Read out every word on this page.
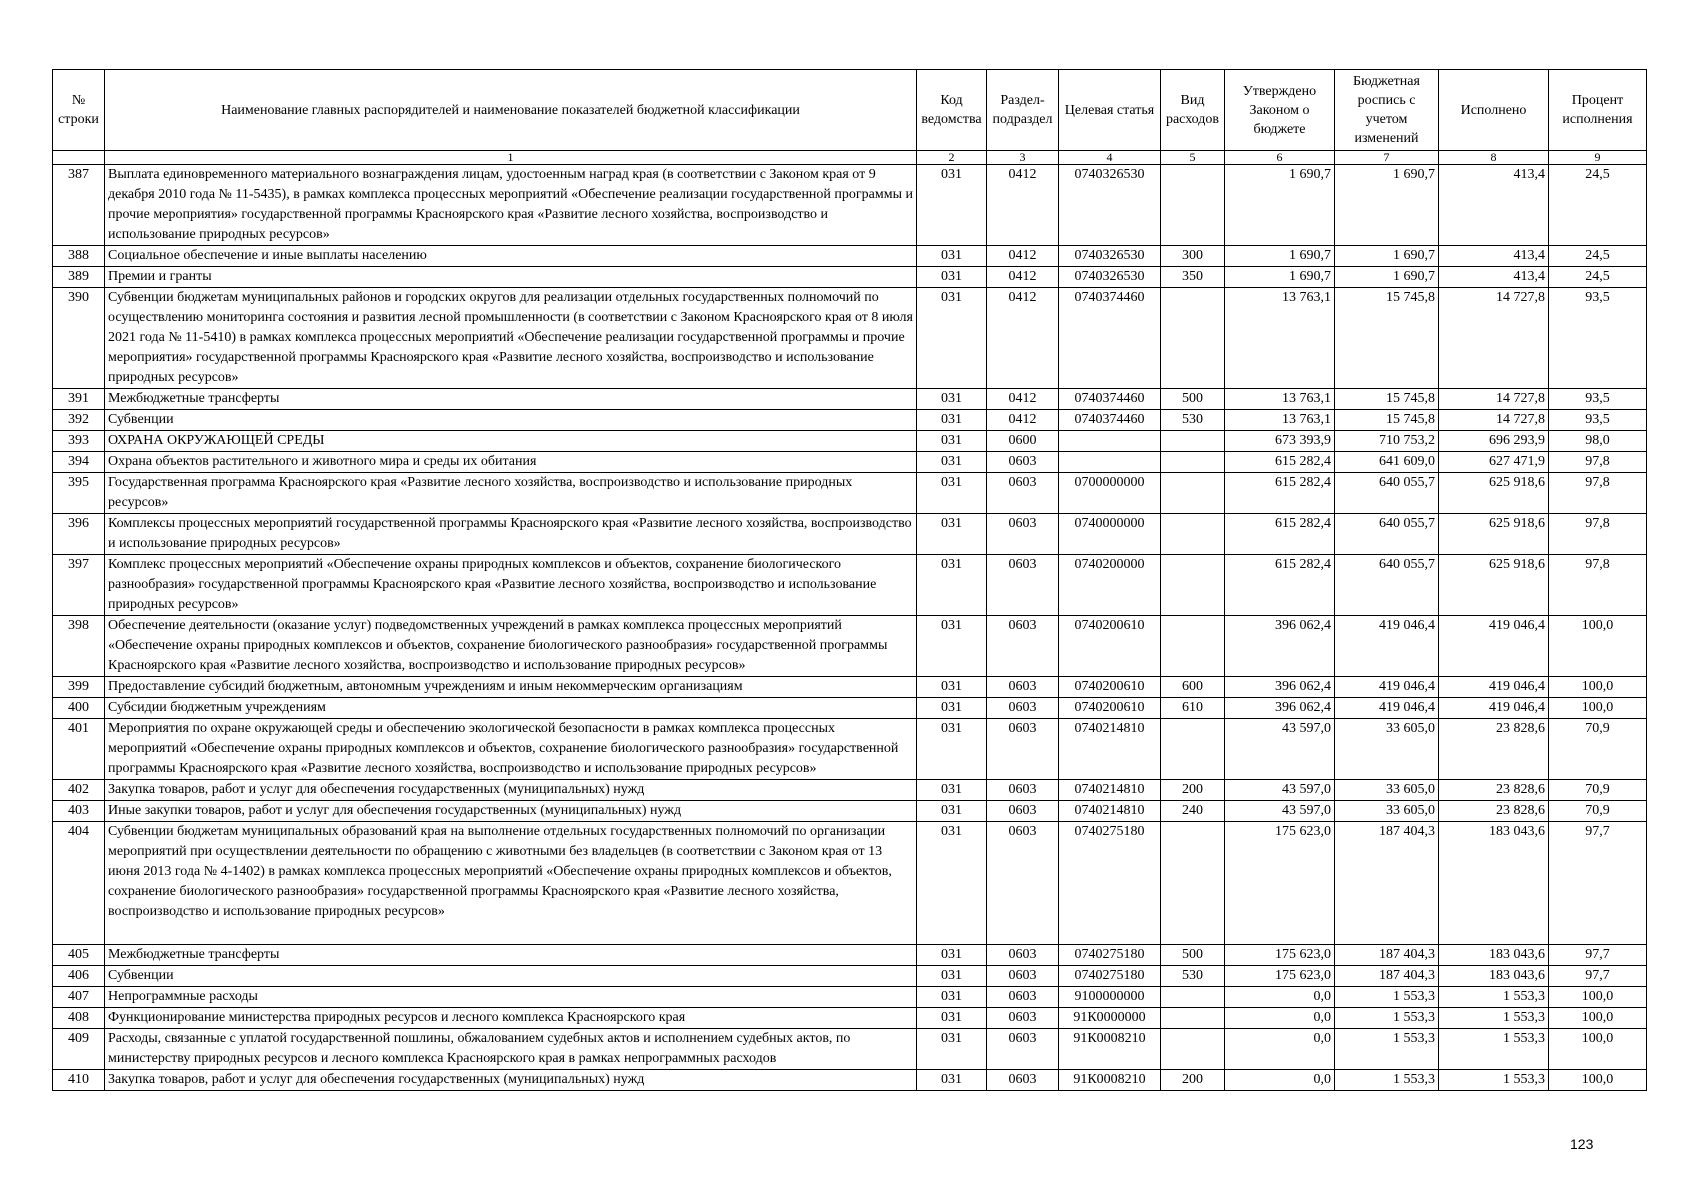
№ строки	Наименование главных распорядителей и наименование показателей бюджетной классификации	Код ведомства	Раздел-подраздел	Целевая статья	Вид расходов	Утверждено Законом о бюджете	Бюджетная роспись с учетом изменений	Исполнено	Процент исполнения
	1	2	3	4	5	6	7	8	9
387	Выплата единовременного материального вознаграждения лицам, удостоенным наград края (в соответствии с Законом края от 9 декабря 2010 года № 11-5435), в рамках комплекса процессных мероприятий «Обеспечение реализации государственной программы и прочие мероприятия» государственной программы Красноярского края «Развитие лесного хозяйства, воспроизводство и использование природных ресурсов»	031	0412	0740326530		1 690,7	1 690,7	413,4	24,5
388	Социальное обеспечение и иные выплаты населению	031	0412	0740326530	300	1 690,7	1 690,7	413,4	24,5
389	Премии и гранты	031	0412	0740326530	350	1 690,7	1 690,7	413,4	24,5
390	Субвенции бюджетам муниципальных районов и городских округов для реализации отдельных государственных полномочий по осуществлению мониторинга состояния и развития лесной промышленности (в соответствии с Законом Красноярского края от 8 июля 2021 года № 11-5410) в рамках комплекса процессных мероприятий «Обеспечение реализации государственной программы и прочие мероприятия» государственной программы Красноярского края «Развитие лесного хозяйства, воспроизводство и использование природных ресурсов»	031	0412	0740374460		13 763,1	15 745,8	14 727,8	93,5
391	Межбюджетные трансферты	031	0412	0740374460	500	13 763,1	15 745,8	14 727,8	93,5
392	Субвенции	031	0412	0740374460	530	13 763,1	15 745,8	14 727,8	93,5
393	ОХРАНА ОКРУЖАЮЩЕЙ СРЕДЫ	031	0600			673 393,9	710 753,2	696 293,9	98,0
394	Охрана объектов растительного и животного мира и среды их обитания	031	0603			615 282,4	641 609,0	627 471,9	97,8
395	Государственная программа Красноярского края «Развитие лесного хозяйства, воспроизводство и использование природных ресурсов»	031	0603	0700000000		615 282,4	640 055,7	625 918,6	97,8
396	Комплексы процессных мероприятий государственной программы Красноярского края «Развитие лесного хозяйства, воспроизводство и использование природных ресурсов»	031	0603	0740000000		615 282,4	640 055,7	625 918,6	97,8
397	Комплекс процессных мероприятий «Обеспечение охраны природных комплексов и объектов, сохранение биологического разнообразия» государственной программы Красноярского края «Развитие лесного хозяйства, воспроизводство и использование природных ресурсов»	031	0603	0740200000		615 282,4	640 055,7	625 918,6	97,8
398	Обеспечение деятельности (оказание услуг) подведомственных учреждений в рамках комплекса процессных мероприятий «Обеспечение охраны природных комплексов и объектов, сохранение биологического разнообразия» государственной программы Красноярского края «Развитие лесного хозяйства, воспроизводство и использование природных ресурсов»	031	0603	0740200610		396 062,4	419 046,4	419 046,4	100,0
399	Предоставление субсидий бюджетным, автономным учреждениям и иным некоммерческим организациям	031	0603	0740200610	600	396 062,4	419 046,4	419 046,4	100,0
400	Субсидии бюджетным учреждениям	031	0603	0740200610	610	396 062,4	419 046,4	419 046,4	100,0
401	Мероприятия по охране окружающей среды и обеспечению экологической безопасности в рамках комплекса процессных мероприятий «Обеспечение охраны природных комплексов и объектов, сохранение биологического разнообразия» государственной программы Красноярского края «Развитие лесного хозяйства, воспроизводство и использование природных ресурсов»	031	0603	0740214810		43 597,0	33 605,0	23 828,6	70,9
402	Закупка товаров, работ и услуг для обеспечения государственных (муниципальных) нужд	031	0603	0740214810	200	43 597,0	33 605,0	23 828,6	70,9
403	Иные закупки товаров, работ и услуг для обеспечения государственных (муниципальных) нужд	031	0603	0740214810	240	43 597,0	33 605,0	23 828,6	70,9
404	Субвенции бюджетам муниципальных образований края на выполнение отдельных государственных полномочий по организации мероприятий при осуществлении деятельности по обращению с животными без владельцев (в соответствии с Законом края от 13 июня 2013 года № 4-1402) в рамках комплекса процессных мероприятий «Обеспечение охраны природных комплексов и объектов, сохранение биологического разнообразия» государственной программы Красноярского края «Развитие лесного хозяйства, воспроизводство и использование природных ресурсов»	031	0603	0740275180		175 623,0	187 404,3	183 043,6	97,7
405	Межбюджетные трансферты	031	0603	0740275180	500	175 623,0	187 404,3	183 043,6	97,7
406	Субвенции	031	0603	0740275180	530	175 623,0	187 404,3	183 043,6	97,7
407	Непрограммные расходы	031	0603	9100000000		0,0	1 553,3	1 553,3	100,0
408	Функционирование министерства природных ресурсов и лесного комплекса Красноярского края	031	0603	91К0000000		0,0	1 553,3	1 553,3	100,0
409	Расходы, связанные с уплатой государственной пошлины, обжалованием судебных актов и исполнением судебных актов, по министерству природных ресурсов и лесного комплекса Красноярского края в рамках непрограммных расходов	031	0603	91К0008210		0,0	1 553,3	1 553,3	100,0
410	Закупка товаров, работ и услуг для обеспечения государственных (муниципальных) нужд	031	0603	91К0008210	200	0,0	1 553,3	1 553,3	100,0
123
